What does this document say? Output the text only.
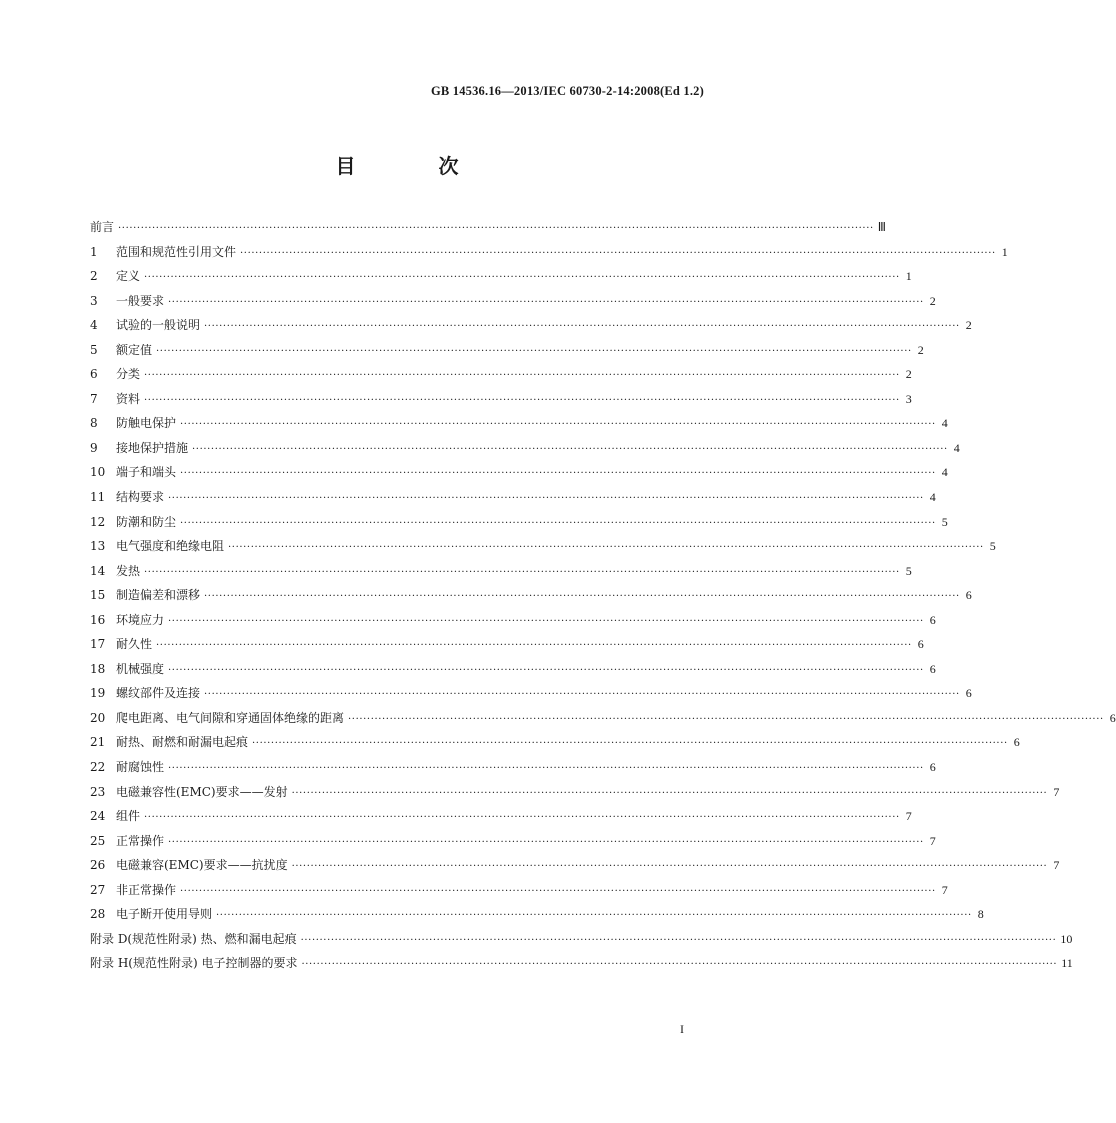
GB 14536.16—2013/IEC 60730-2-14:2008(Ed 1.2)
目 次
前言 ········································································································································································································ Ⅲ
1	范围和规范性引用文件 ········································································································································································································ 1
2	定义 ········································································································································································································ 1
3	一般要求 ········································································································································································································ 2
4	试验的一般说明 ········································································································································································································ 2
5	额定值 ········································································································································································································ 2
6	分类 ········································································································································································································ 2
7	资料 ········································································································································································································ 3
8	防触电保护 ········································································································································································································ 4
9	接地保护措施 ········································································································································································································ 4
10 端子和端头 ········································································································································································································ 4
11 结构要求 ········································································································································································································ 4
12 防潮和防尘 ········································································································································································································ 5
13 电气强度和绝缘电阻 ········································································································································································································ 5
14 发热 ········································································································································································································ 5
15 制造偏差和漂移 ········································································································································································································ 6
16 环境应力 ········································································································································································································ 6
17 耐久性 ········································································································································································································ 6
18 机械强度 ········································································································································································································ 6
19 螺纹部件及连接 ········································································································································································································ 6
20 爬电距离、电气间隙和穿通固体绝缘的距离 ········································································································································································································ 6
21 耐热、耐燃和耐漏电起痕 ········································································································································································································ 6
22 耐腐蚀性 ········································································································································································································ 6
23 电磁兼容性(EMC)要求——发射 ········································································································································································································ 7
24 组件 ········································································································································································································ 7
25 正常操作 ········································································································································································································ 7
26 电磁兼容(EMC)要求——抗扰度 ········································································································································································································ 7
27 非正常操作 ········································································································································································································ 7
28 电子断开使用导则 ········································································································································································································ 8
附录 D(规范性附录) 热、燃和漏电起痕 ········································································································································································································ 10
附录 H(规范性附录) 电子控制器的要求 ········································································································································································································ 11
I
